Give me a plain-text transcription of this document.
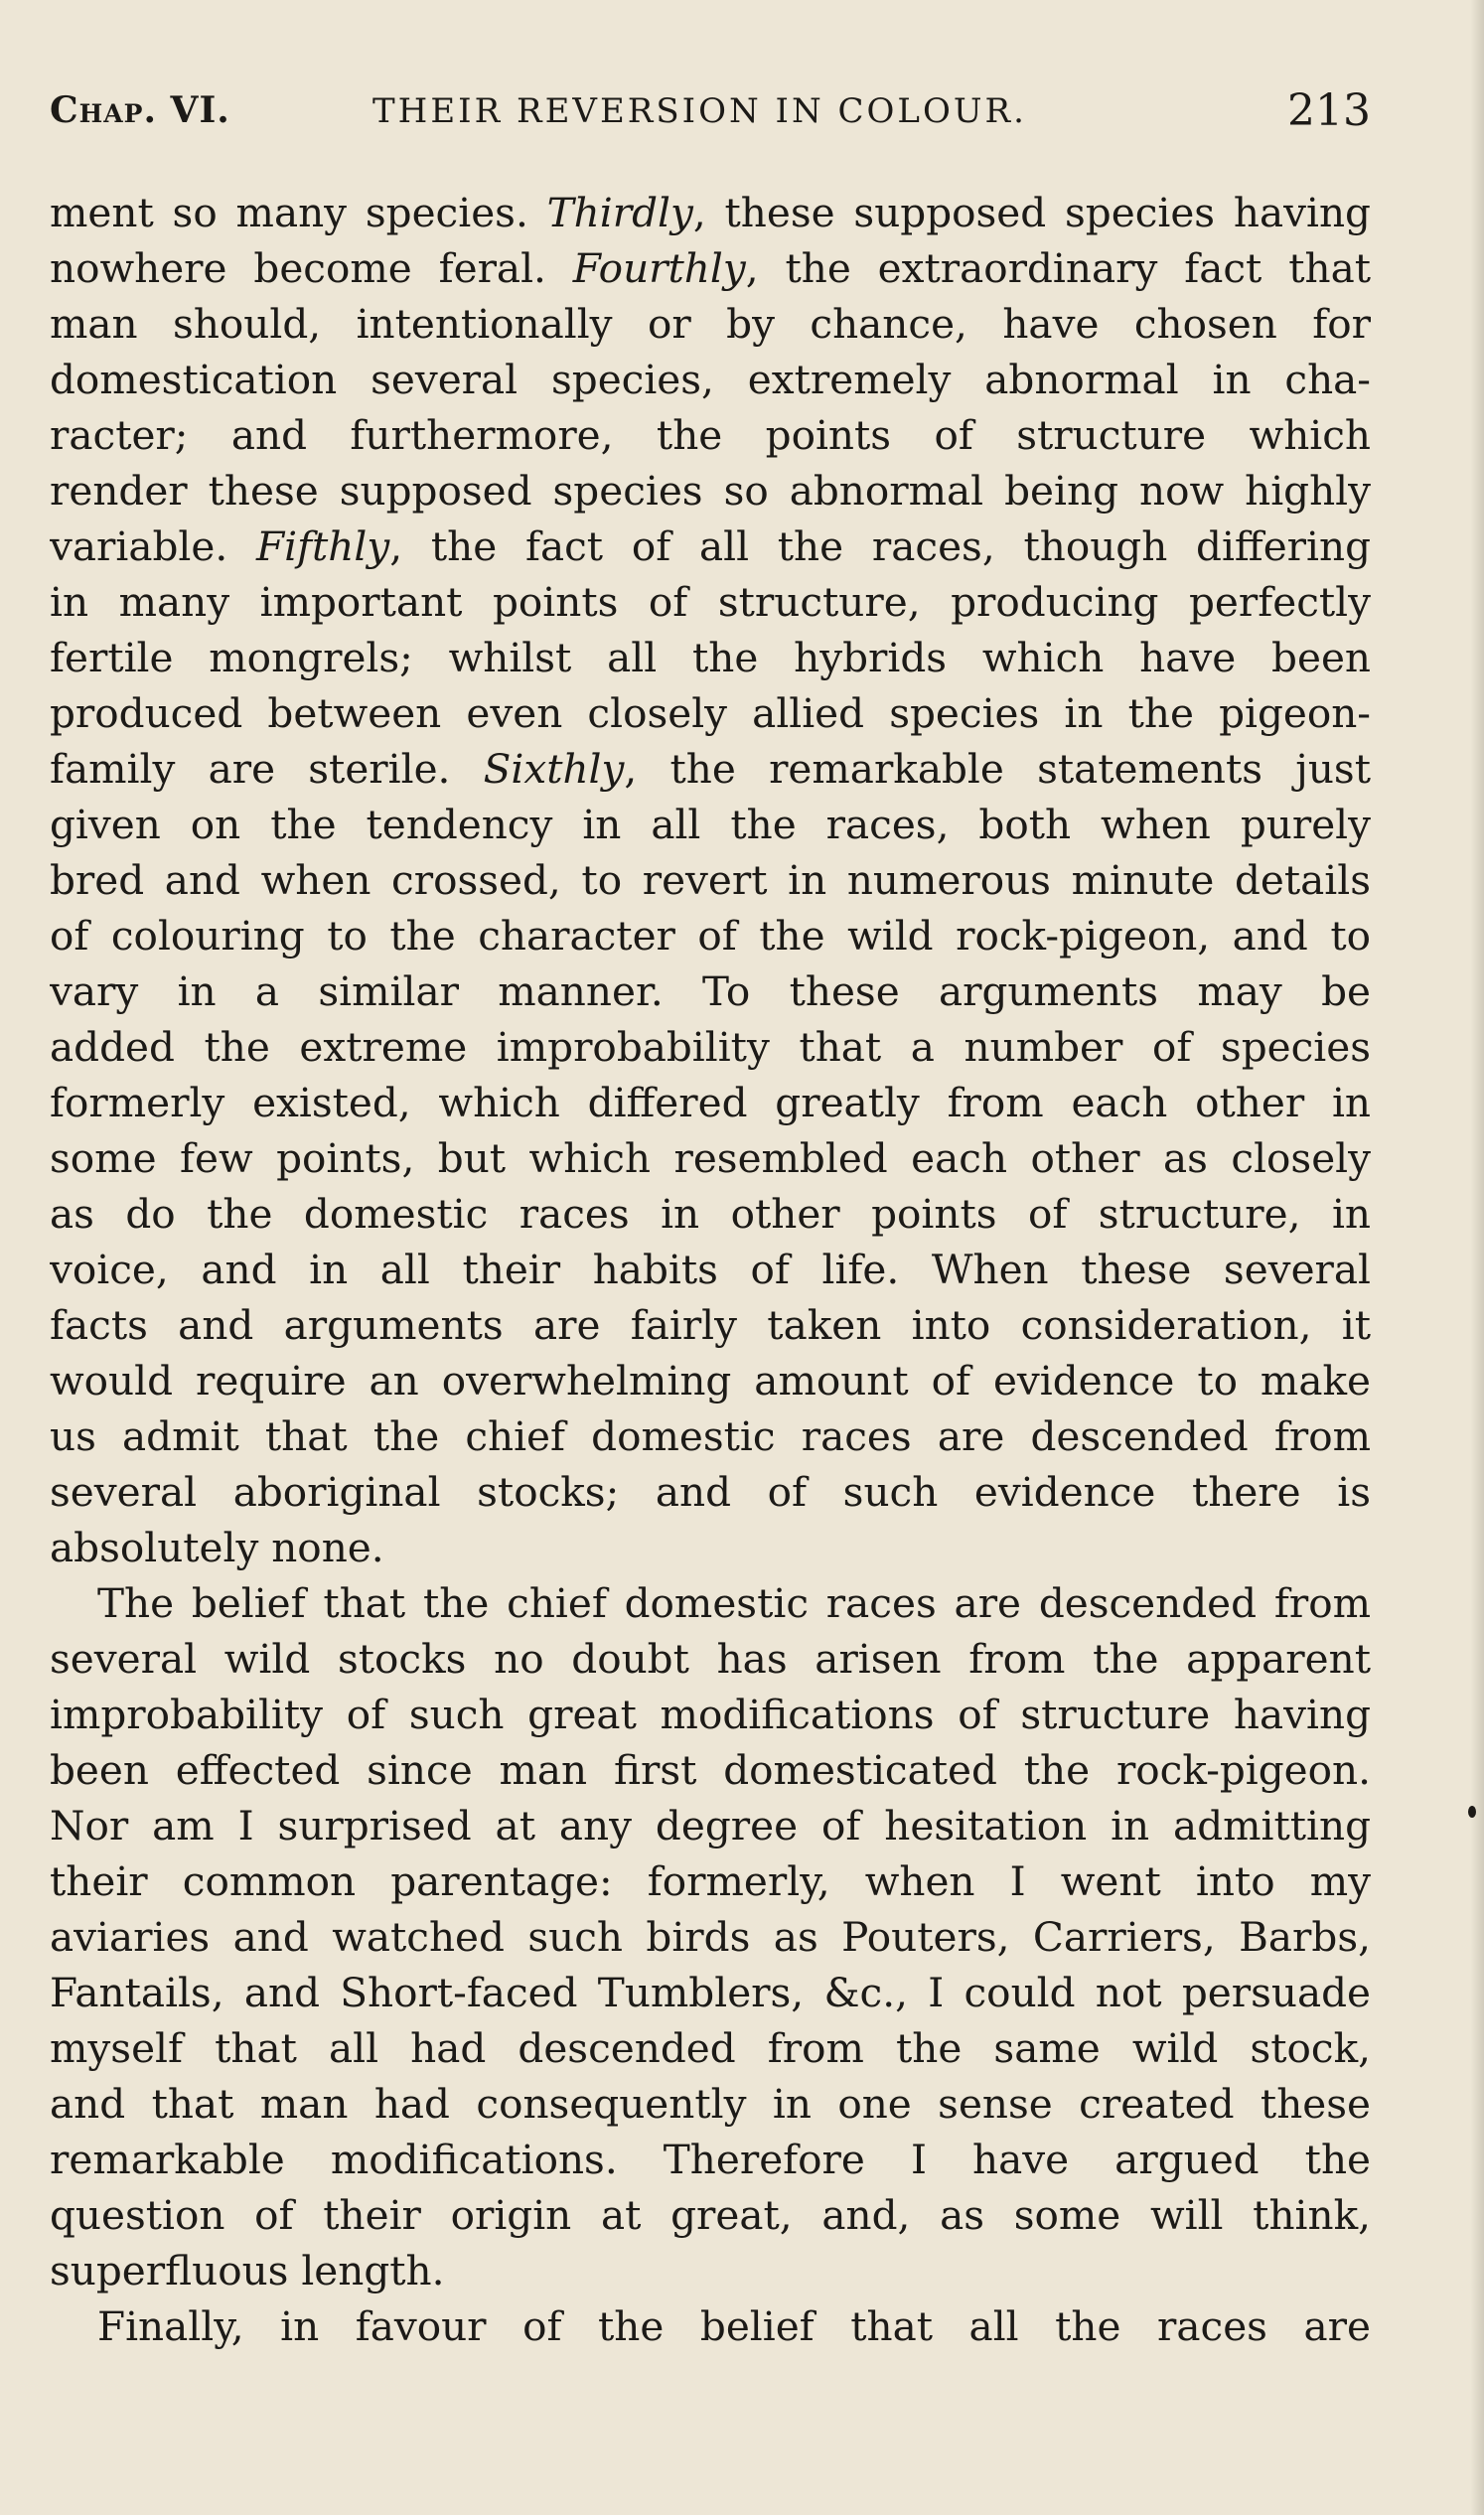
Chap. VI.	THEIR REVERSION IN COLOUR.	213
ment so many species. Thirdly, these supposed species having
nowhere become feral. Fourthly, the extraordinary fact that
man should, intentionally or by chance, have chosen for
domestication several species, extremely abnormal in cha-
racter; and furthermore, the points of structure which
render these supposed species so abnormal being now highly
variable. Fifthly, the fact of all the races, though differing
in many important points of structure, producing perfectly
fertile mongrels; whilst all the hybrids which have been
produced between even closely allied species in the pigeon-
family are sterile. Sixthly, the remarkable statements just
given on the tendency in all the races, both when purely
bred and when crossed, to revert in numerous minute details
of colouring to the character of the wild rock-pigeon, and to
vary in a similar manner. To these arguments may be
added the extreme improbability that a number of species
formerly existed, which differed greatly from each other in
some few points, but which resembled each other as closely
as do the domestic races in other points of structure, in
voice, and in all their habits of life. When these several
facts and arguments are fairly taken into consideration, it
would require an overwhelming amount of evidence to make
us admit that the chief domestic races are descended from
several aboriginal stocks; and of such evidence there is
absolutely none.
The belief that the chief domestic races are descended from
several wild stocks no doubt has arisen from the apparent
improbability of such great modifications of structure having
been effected since man first domesticated the rock-pigeon.
Nor am I surprised at any degree of hesitation in admitting
their common parentage: formerly, when I went into my
aviaries and watched such birds as Pouters, Carriers, Barbs,
Fantails, and Short-faced Tumblers, &c., I could not persuade
myself that all had descended from the same wild stock,
and that man had consequently in one sense created these
remarkable modifications. Therefore I have argued the
question of their origin at great, and, as some will think,
superfluous length.
Finally, in favour of the belief that all the races are
